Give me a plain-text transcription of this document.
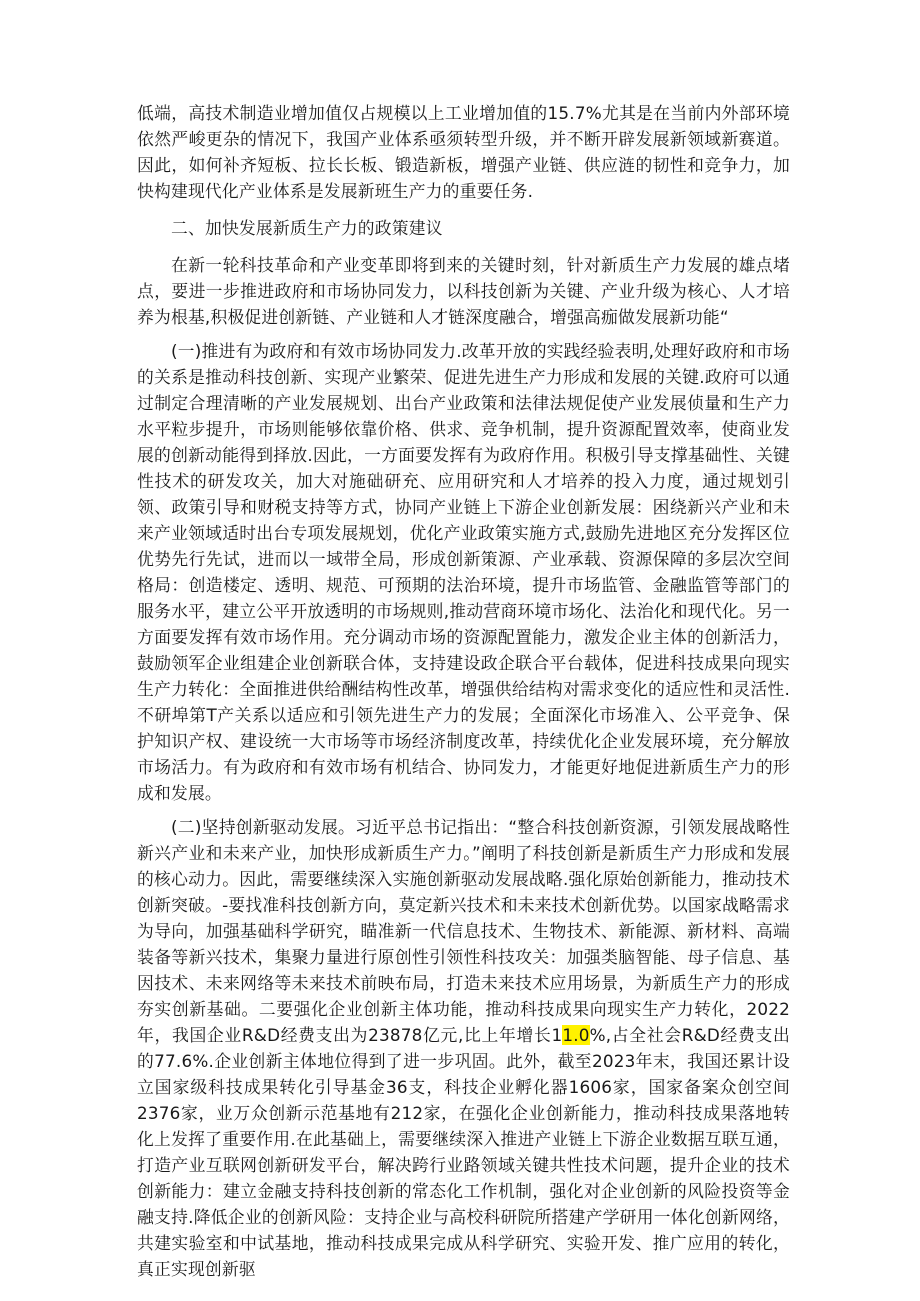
低端，高技术制造业增加值仅占规模以上工业增加值的15.7%尤其是在当前内外部环境依然严峻更杂的情况下，我国产业体系亟须转型升级，并不断开辟发展新领域新赛道。因此，如何补齐短板、拉长长板、锻造新板，增强产业链、供应涟的韧性和竞争力，加快构建现代化产业体系是发展新班生产力的重要任务.

二、加快发展新质生产力的政策建议

在新一轮科技革命和产业变革即将到来的关键时刻，针对新质生产力发展的雄点堵点，要进一步推进政府和市场协同发力，以科技创新为关键、产业升级为核心、人才培养为根基,积极促进创新链、产业链和人才链深度融合，增强高痂做发展新功能“

(一)推进有为政府和有效市场协同发力.改革开放的实践经验表明,处理好政府和市场的关系是推动科技创新、实现产业繁荣、促进先进生产力形成和发展的关键.政府可以通过制定合理清晰的产业发展规划、出台产业政策和法律法规促使产业发展侦量和生产力水平粒步提升，市场则能够依靠价格、供求、竞争机制，提升资源配置效率，使商业发展的创新动能得到择放.因此，一方面要发挥有为政府作用。积极引导支撑基础性、关键性技术的研发攻关，加大对施础研充、应用研究和人才培养的投入力度，通过规划引领、政策引导和财税支持等方式，协同产业链上下游企业创新发展：困绕新兴产业和未来产业领域适时出台专项发展规划，优化产业政策实施方式,鼓励先进地区充分发挥区位优势先行先试，进而以一域带全局，形成创新策源、产业承载、资源保障的多层次空间格局：创造楼定、透明、规范、可预期的法治环境，提升市场监管、金融监管等部门的服务水平，建立公平开放透明的市场规则,推动营商环境市场化、法治化和现代化。另一方面要发挥有效市场作用。充分调动市场的资源配置能力，激发企业主体的创新活力，鼓励领军企业组建企业创新联合体，支持建设政企联合平台载体，促进科技成果向现实生产力转化：全面推进供给酬结构性改革，增强供给结构对需求变化的适应性和灵活性.不研埠第T产关系以适应和引领先进生产力的发展；全面深化市场准入、公平竞争、保护知识产权、建设统一大市场等市场经济制度改革，持续优化企业发展环境，充分解放市场活力。有为政府和有效市场有机结合、协同发力，才能更好地促进新质生产力的形成和发展。

(二)坚持创新驱动发展。习近平总书记指出：“整合科技创新资源，引领发展战略性新兴产业和未来产业，加快形成新质生产力。”阐明了科技创新是新质生产力形成和发展的核心动力。因此，需要继续深入实施创新驱动发展战略.强化原始创新能力，推动技术创新突破。-要找准科技创新方向，莫定新兴技术和未来技术创新优势。以国家战略需求为导向，加强基础科学研究，瞄准新一代信息技术、生物技术、新能源、新材料、高端装备等新兴技术，集聚力量进行原创性引领性科技攻关：加强类脑智能、母子信息、基因技术、未来网络等未来技术前映布局，打造未来技术应用场景，为新质生产力的形成夯实创新基础。二要强化企业创新主体功能，推动科技成果向现实生产力转化，2022年，我国企业R&D经费支出为23878亿元,比上年增长11.0%,占全社会R&D经费支出的77.6%.企业创新主体地位得到了进一步巩固。此外，截至2023年末，我国还累计设立国家级科技成果转化引导基金36支，科技企业孵化器1606家，国家备案众创空间2376家，业万众创新示范基地有212家，在强化企业创新能力，推动科技成果落地转化上发挥了重要作用.在此基础上，需要继续深入推进产业链上下游企业数据互联互通，打造产业互联网创新研发平台，解决跨行业路领域关键共性技术问题，提升企业的技术创新能力：建立金融支持科技创新的常态化工作机制，强化对企业创新的风险投资等金融支持.降低企业的创新风险：支持企业与高校科研院所搭建产学研用一体化创新网络，共建实验室和中试基地，推动科技成果完成从科学研究、实验开发、推广应用的转化，真正实现创新驱
